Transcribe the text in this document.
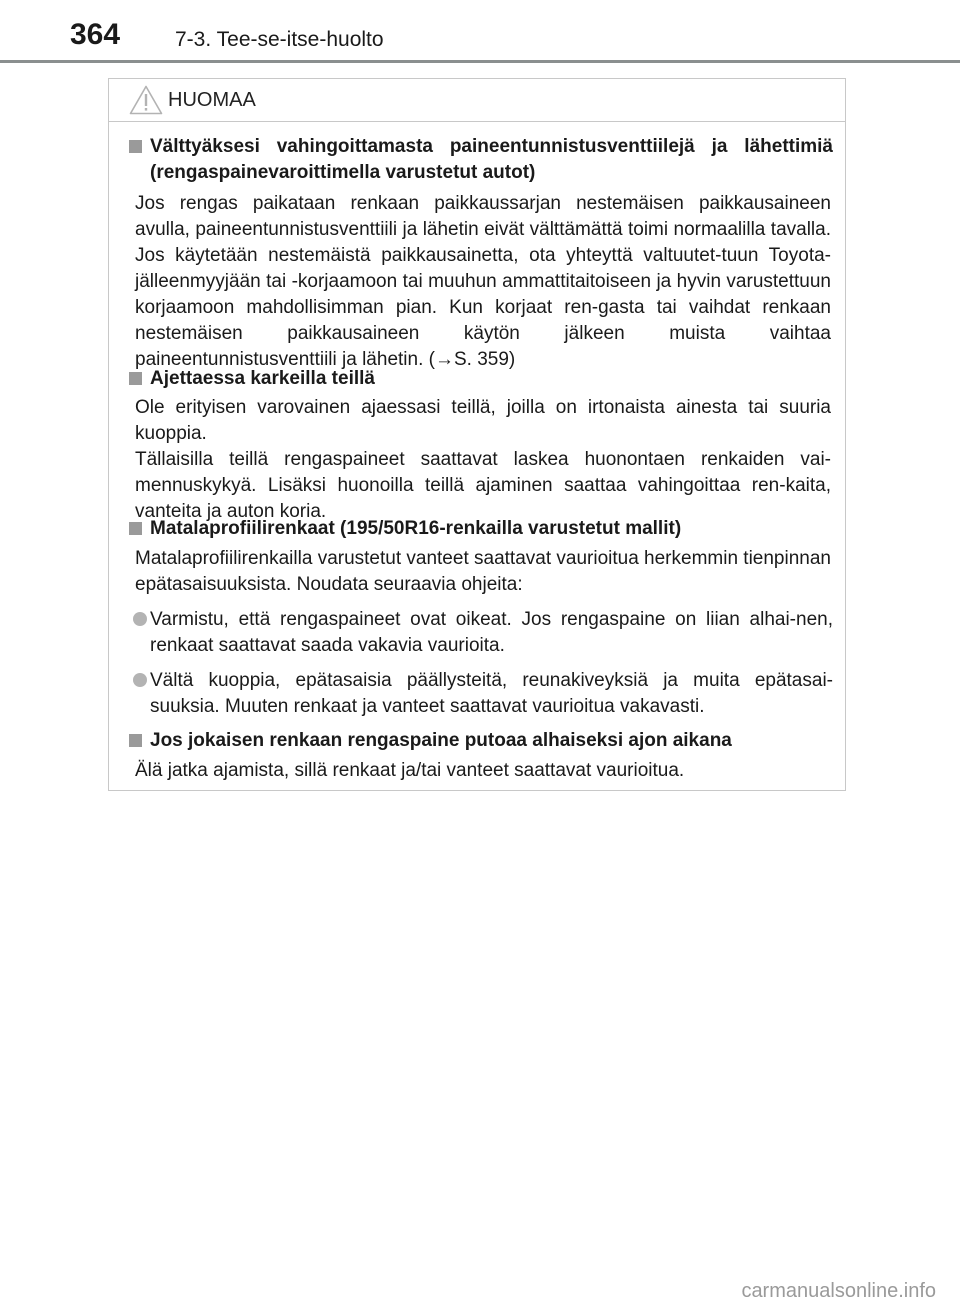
364	7-3. Tee-se-itse-huolto
HUOMAA
Välttyäksesi vahingoittamasta paineentunnistusventtiilejä ja lähettimiä (rengaspainevaroittimella varustetut autot)

Jos rengas paikataan renkaan paikkaussarjan nestemäisen paikkausaineen avulla, paineentunnistusventtiili ja lähetin eivät välttämättä toimi normaalilla tavalla. Jos käytetään nestemäistä paikkausainetta, ota yhteyttä valtuutet-tuun Toyota-jälleenmyyjään tai -korjaamoon tai muuhun ammattitaitoiseen ja hyvin varustettuun korjaamoon mahdollisimman pian. Kun korjaat ren-gasta tai vaihdat renkaan nestemäisen paikkausaineen käytön jälkeen muista vaihtaa paineentunnistusventtiili ja lähetin. (→S. 359)

Ajettaessa karkeilla teillä

Ole erityisen varovainen ajaessasi teillä, joilla on irtonaista ainesta tai suuria kuoppia.

Tällaisilla teillä rengaspaineet saattavat laskea huonontaen renkaiden vai-mennuskykyä. Lisäksi huonoilla teillä ajaminen saattaa vahingoittaa ren-kaita, vanteita ja auton koria.

Matalaprofiilirenkaat (195/50R16-renkailla varustetut mallit)

Matalaprofiilirenkailla varustetut vanteet saattavat vaurioitua herkemmin tienpinnan epätasaisuuksista. Noudata seuraavia ohjeita:

Varmistu, että rengaspaineet ovat oikeat. Jos rengaspaine on liian alhai-nen, renkaat saattavat saada vakavia vaurioita.
Vältä kuoppia, epätasaisia päällysteitä, reunakiveyksiä ja muita epätasai-suuksia. Muuten renkaat ja vanteet saattavat vaurioitua vakavasti.
Jos jokaisen renkaan rengaspaine putoaa alhaiseksi ajon aikana

Älä jatka ajamista, sillä renkaat ja/tai vanteet saattavat vaurioitua.

carmanualsonline.info
